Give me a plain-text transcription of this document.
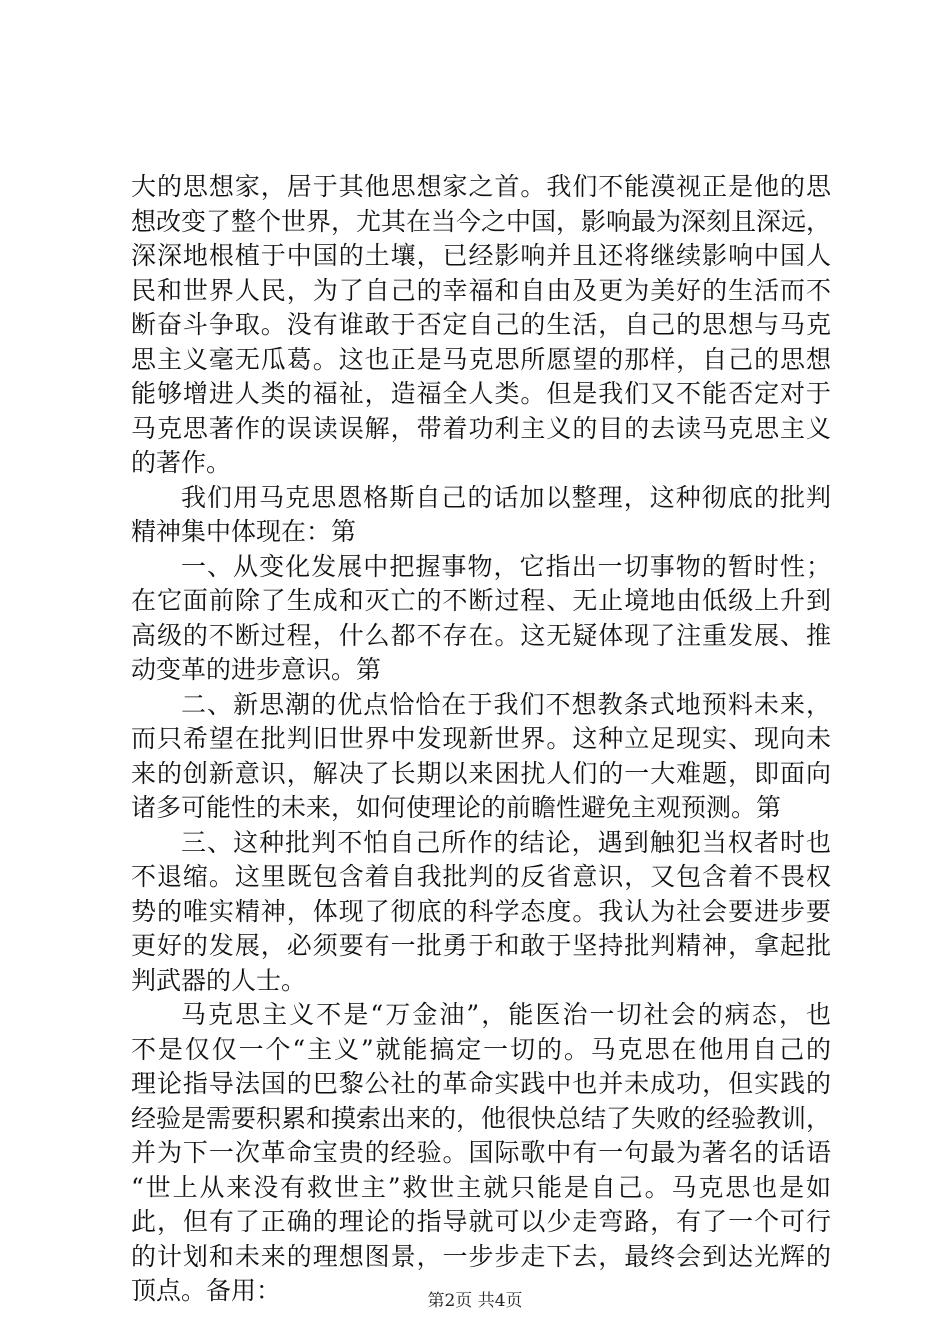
大的思想家，居于其他思想家之首。我们不能漠视正是他的思
想改变了整个世界，尤其在当今之中国，影响最为深刻且深远，
深深地根植于中国的土壤，已经影响并且还将继续影响中国人
民和世界人民，为了自己的幸福和自由及更为美好的生活而不
断奋斗争取。没有谁敢于否定自己的生活，自己的思想与马克
思主义毫无瓜葛。这也正是马克思所愿望的那样，自己的思想
能够增进人类的福祉，造福全人类。但是我们又不能否定对于
马克思著作的误读误解，带着功利主义的目的去读马克思主义
的著作。
我们用马克思恩格斯自己的话加以整理，这种彻底的批判
精神集中体现在：第
一、从变化发展中把握事物，它指出一切事物的暂时性；
在它面前除了生成和灭亡的不断过程、无止境地由低级上升到
高级的不断过程，什么都不存在。这无疑体现了注重发展、推
动变革的进步意识。第
二、新思潮的优点恰恰在于我们不想教条式地预料未来，
而只希望在批判旧世界中发现新世界。这种立足现实、现向未
来的创新意识，解决了长期以来困扰人们的一大难题，即面向
诸多可能性的未来，如何使理论的前瞻性避免主观预测。第
三、这种批判不怕自己所作的结论，遇到触犯当权者时也
不退缩。这里既包含着自我批判的反省意识，又包含着不畏权
势的唯实精神，体现了彻底的科学态度。我认为社会要进步要
更好的发展，必须要有一批勇于和敢于坚持批判精神，拿起批
判武器的人士。
马克思主义不是“万金油”，能医治一切社会的病态，也
不是仅仅一个“主义”就能搞定一切的。马克思在他用自己的
理论指导法国的巴黎公社的革命实践中也并未成功，但实践的
经验是需要积累和摸索出来的，他很快总结了失败的经验教训，
并为下一次革命宝贵的经验。国际歌中有一句最为著名的话语
“世上从来没有救世主”救世主就只能是自己。马克思也是如
此，但有了正确的理论的指导就可以少走弯路，有了一个可行
的计划和未来的理想图景，一步步走下去，最终会到达光辉的
顶点。备用：	第2页 共4页
